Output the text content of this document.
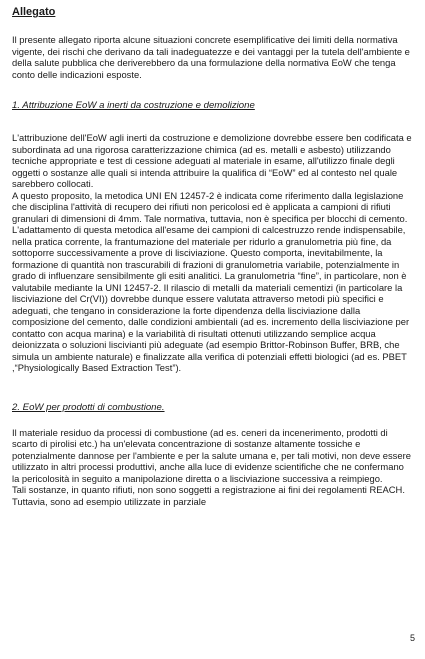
Allegato

Il presente allegato riporta alcune situazioni concrete esemplificative dei limiti della normativa vigente, dei rischi che derivano da tali inadeguatezze e dei vantaggi per la tutela dell'ambiente e della salute pubblica che deriverebbero da una formulazione della normativa EoW che tenga conto delle indicazioni esposte.

1. Attribuzione EoW a inerti da costruzione e demolizione

L'attribuzione dell'EoW agli inerti da costruzione e demolizione dovrebbe essere ben codificata e subordinata ad una rigorosa caratterizzazione chimica (ad es. metalli e asbesto) utilizzando tecniche appropriate e test di cessione adeguati al materiale in esame, all'utilizzo finale degli oggetti o sostanze alle quali si intenda attribuire la qualifica di “EoW” ed al contesto nel quale sarebbero collocati.

A questo proposito, la metodica UNI EN 12457-2 è indicata come riferimento dalla legislazione che disciplina l'attività di recupero dei rifiuti non pericolosi ed è applicata a campioni di rifiuti granulari di dimensioni di 4mm. Tale normativa, tuttavia, non è specifica per blocchi di cemento. L'adattamento di questa metodica all'esame dei campioni di calcestruzzo rende indispensabile, nella pratica corrente, la frantumazione del materiale per ridurlo a granulometria più fine, da sottoporre successivamente a prove di lisciviazione. Questo comporta, inevitabilmente, la formazione di quantità non trascurabili di frazioni di granulometria variabile, potenzialmente in grado di influenzare sensibilmente gli esiti analitici. La granulometria “fine”, in particolare, non è valutabile mediante la UNI 12457-2. Il rilascio di metalli da materiali cementizi (in particolare la lisciviazione del Cr(VI)) dovrebbe dunque essere valutata attraverso metodi più specifici e adeguati, che tengano in considerazione la forte dipendenza della lisciviazione dalla composizione del cemento, dalle condizioni ambientali (ad es. incremento della lisciviazione per contatto con acqua marina) e la variabilità di risultati ottenuti utilizzando semplice acqua deionizzata o soluzioni liscivianti più adeguate (ad esempio Brittor-Robinson Buffer, BRB, che simula un ambiente naturale) e finalizzate alla verifica di potenziali effetti biologici (ad es. PBET ,“Physiologically Based Extraction Test”).

2. EoW per prodotti di combustione.

Il materiale residuo da processi di combustione (ad es. ceneri da incenerimento, prodotti di scarto di pirolisi etc.) ha un'elevata concentrazione di sostanze altamente tossiche e potenzialmente dannose per l'ambiente e per la salute umana e, per tali motivi, non deve essere utilizzato in altri processi produttivi, anche alla luce di evidenze scientifiche che ne confermano la pericolosità in seguito a manipolazione diretta o a lisciviazione successiva a reimpiego.

Tali sostanze, in quanto rifiuti, non sono soggetti a registrazione ai fini dei regolamenti REACH. Tuttavia, sono ad esempio utilizzate in parziale

5
